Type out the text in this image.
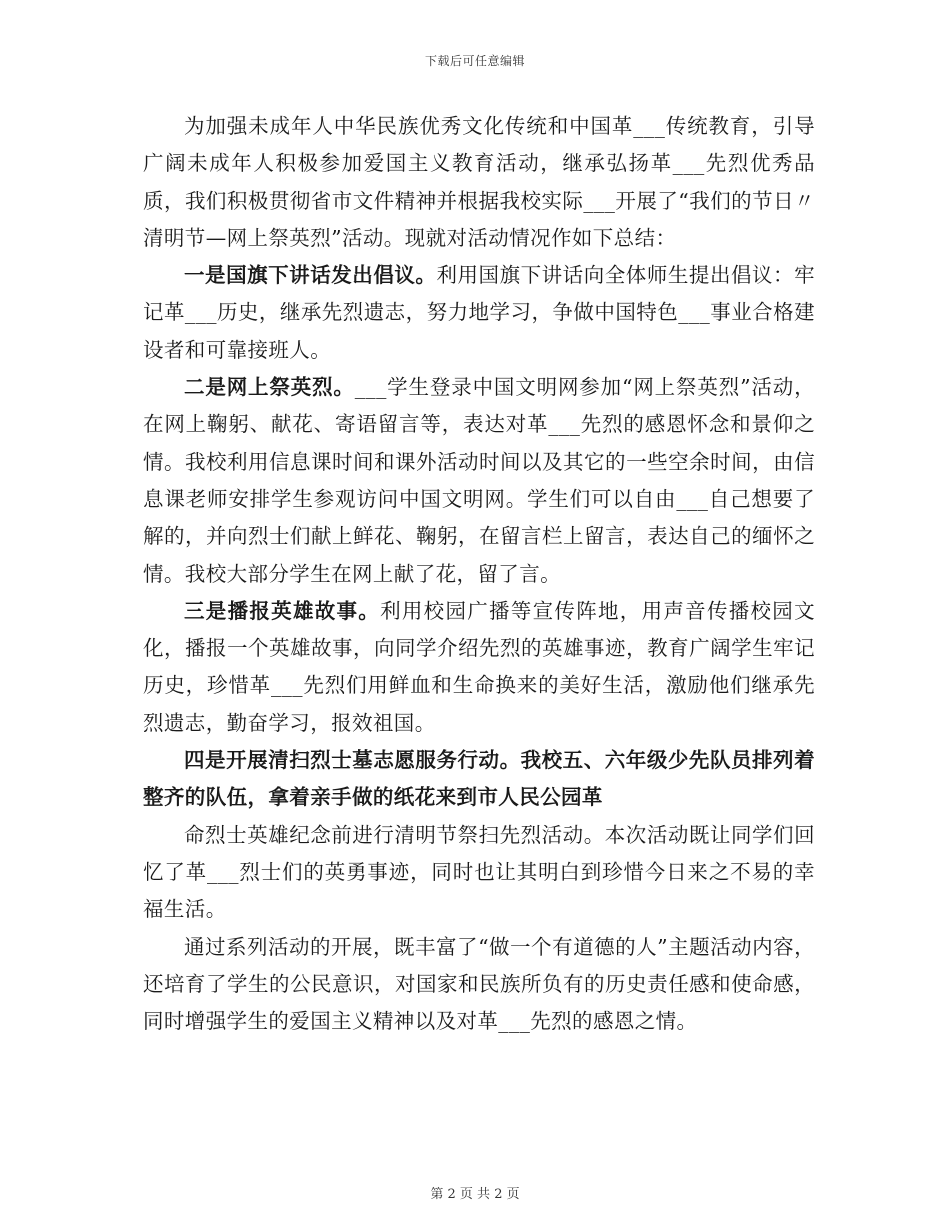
下载后可任意编辑

为加强未成年人中华民族优秀文化传统和中国革___传统教育，引导广阔未成年人积极参加爱国主义教育活动，继承弘扬革___先烈优秀品质，我们积极贯彻省市文件精神并根据我校实际___开展了“我们的节日〃清明节—网上祭英烈”活动。现就对活动情况作如下总结：

一是国旗下讲话发出倡议。利用国旗下讲话向全体师生提出倡议：牢记革___历史，继承先烈遗志，努力地学习，争做中国特色___事业合格建设者和可靠接班人。

二是网上祭英烈。___学生登录中国文明网参加“网上祭英烈”活动，在网上鞠躬、献花、寄语留言等，表达对革___先烈的感恩怀念和景仰之情。我校利用信息课时间和课外活动时间以及其它的一些空余时间，由信息课老师安排学生参观访问中国文明网。学生们可以自由___自己想要了解的，并向烈士们献上鲜花、鞠躬，在留言栏上留言，表达自己的缅怀之情。我校大部分学生在网上献了花，留了言。

三是播报英雄故事。利用校园广播等宣传阵地，用声音传播校园文化，播报一个英雄故事，向同学介绍先烈的英雄事迹，教育广阔学生牢记历史，珍惜革___先烈们用鲜血和生命换来的美好生活，激励他们继承先烈遗志，勤奋学习，报效祖国。

四是开展清扫烈士墓志愿服务行动。我校五、六年级少先队员排列着整齐的队伍，拿着亲手做的纸花来到市人民公园革

命烈士英雄纪念前进行清明节祭扫先烈活动。本次活动既让同学们回忆了革___烈士们的英勇事迹，同时也让其明白到珍惜今日来之不易的幸福生活。

通过系列活动的开展，既丰富了“做一个有道德的人”主题活动内容，还培育了学生的公民意识，对国家和民族所负有的历史责任感和使命感，同时增强学生的爱国主义精神以及对革___先烈的感恩之情。

第 2 页 共 2 页
